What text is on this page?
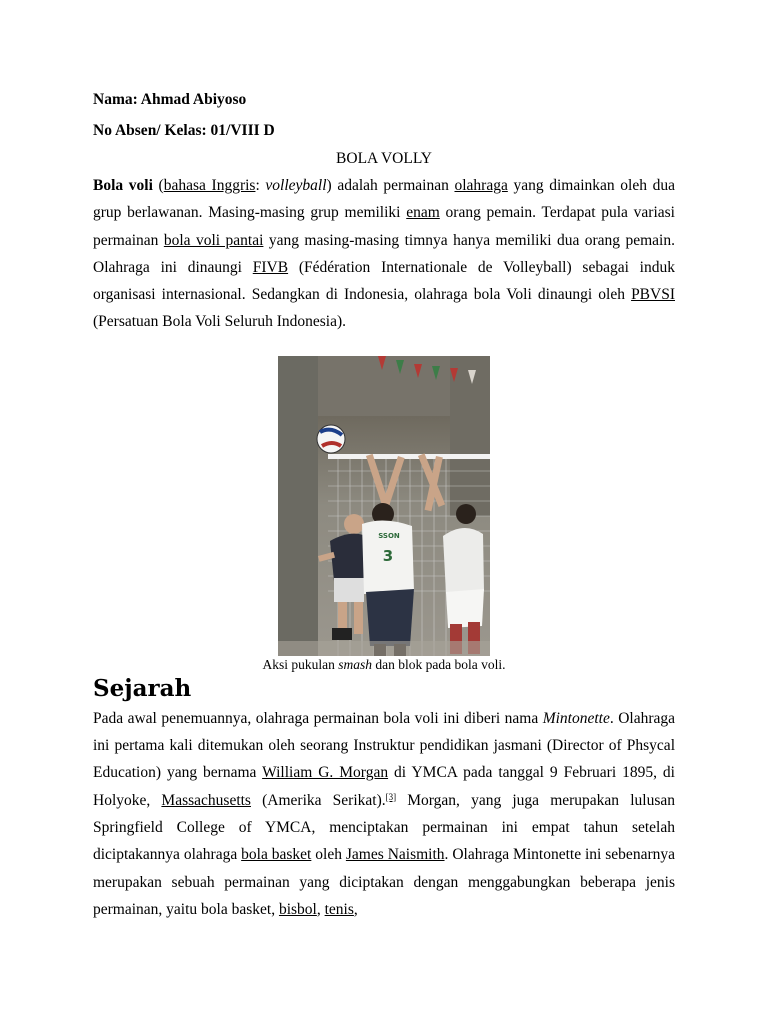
Nama: Ahmad Abiyoso

No Absen/ Kelas: 01/VIII D

BOLA VOLLY

Bola voli (bahasa Inggris: volleyball) adalah permainan olahraga yang dimainkan oleh dua grup berlawanan. Masing-masing grup memiliki enam orang pemain. Terdapat pula variasi permainan bola voli pantai yang masing-masing timnya hanya memiliki dua orang pemain. Olahraga ini dinaungi FIVB (Fédération Internationale de Volleyball) sebagai induk organisasi internasional. Sedangkan di Indonesia, olahraga bola Voli dinaungi oleh PBVSI (Persatuan Bola Voli Seluruh Indonesia).

3
SSON
Aksi pukulan smash dan blok pada bola voli.
Sejarah

Pada awal penemuannya, olahraga permainan bola voli ini diberi nama Mintonette. Olahraga ini pertama kali ditemukan oleh seorang Instruktur pendidikan jasmani (Director of Phsycal Education) yang bernama William G. Morgan di YMCA pada tanggal 9 Februari 1895, di Holyoke, Massachusetts (Amerika Serikat).[3] Morgan, yang juga merupakan lulusan Springfield College of YMCA, menciptakan permainan ini empat tahun setelah diciptakannya olahraga bola basket oleh James Naismith. Olahraga Mintonette ini sebenarnya merupakan sebuah permainan yang diciptakan dengan menggabungkan beberapa jenis permainan, yaitu bola basket, bisbol, tenis,
